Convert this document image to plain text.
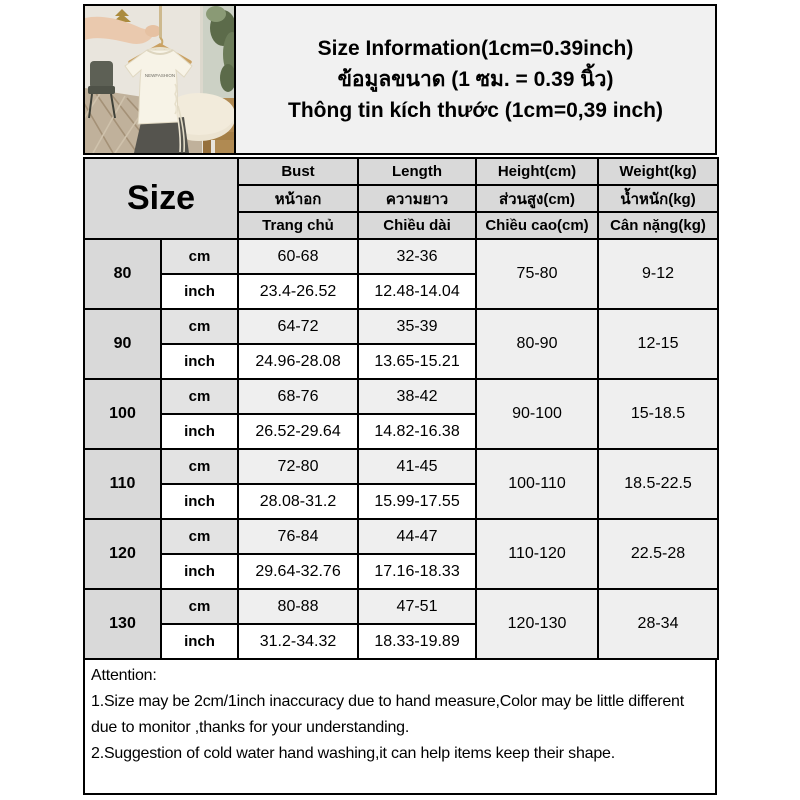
NEWFASHION
Size Information(1cm=0.39inch)
ข้อมูลขนาด (1 ซม. = 0.39 นิ้ว)
Thông tin kích thước (1cm=0,39 inch)
Size		Bust	Length	Height(cm)	Weight(kg)
		หน้าอก	ความยาว	ส่วนสูง(cm)	น้ำหนัก(kg)
		Trang chủ	Chiều dài	Chiều cao(cm)	Cân nặng(kg)
80	cm	60-68	32-36	75-80	9-12
	inch	23.4-26.52	12.48-14.04		
90	cm	64-72	35-39	80-90	12-15
	inch	24.96-28.08	13.65-15.21		
100	cm	68-76	38-42	90-100	15-18.5
	inch	26.52-29.64	14.82-16.38		
110	cm	72-80	41-45	100-110	18.5-22.5
	inch	28.08-31.2	15.99-17.55		
120	cm	76-84	44-47	110-120	22.5-28
	inch	29.64-32.76	17.16-18.33		
130	cm	80-88	47-51	120-130	28-34
	inch	31.2-34.32	18.33-19.89		
Attention:
1.Size may be 2cm/1inch inaccuracy due to hand measure,Color may be little different
due to monitor ,thanks for your understanding.
2.Suggestion of cold water hand washing,it can help items keep their shape.
